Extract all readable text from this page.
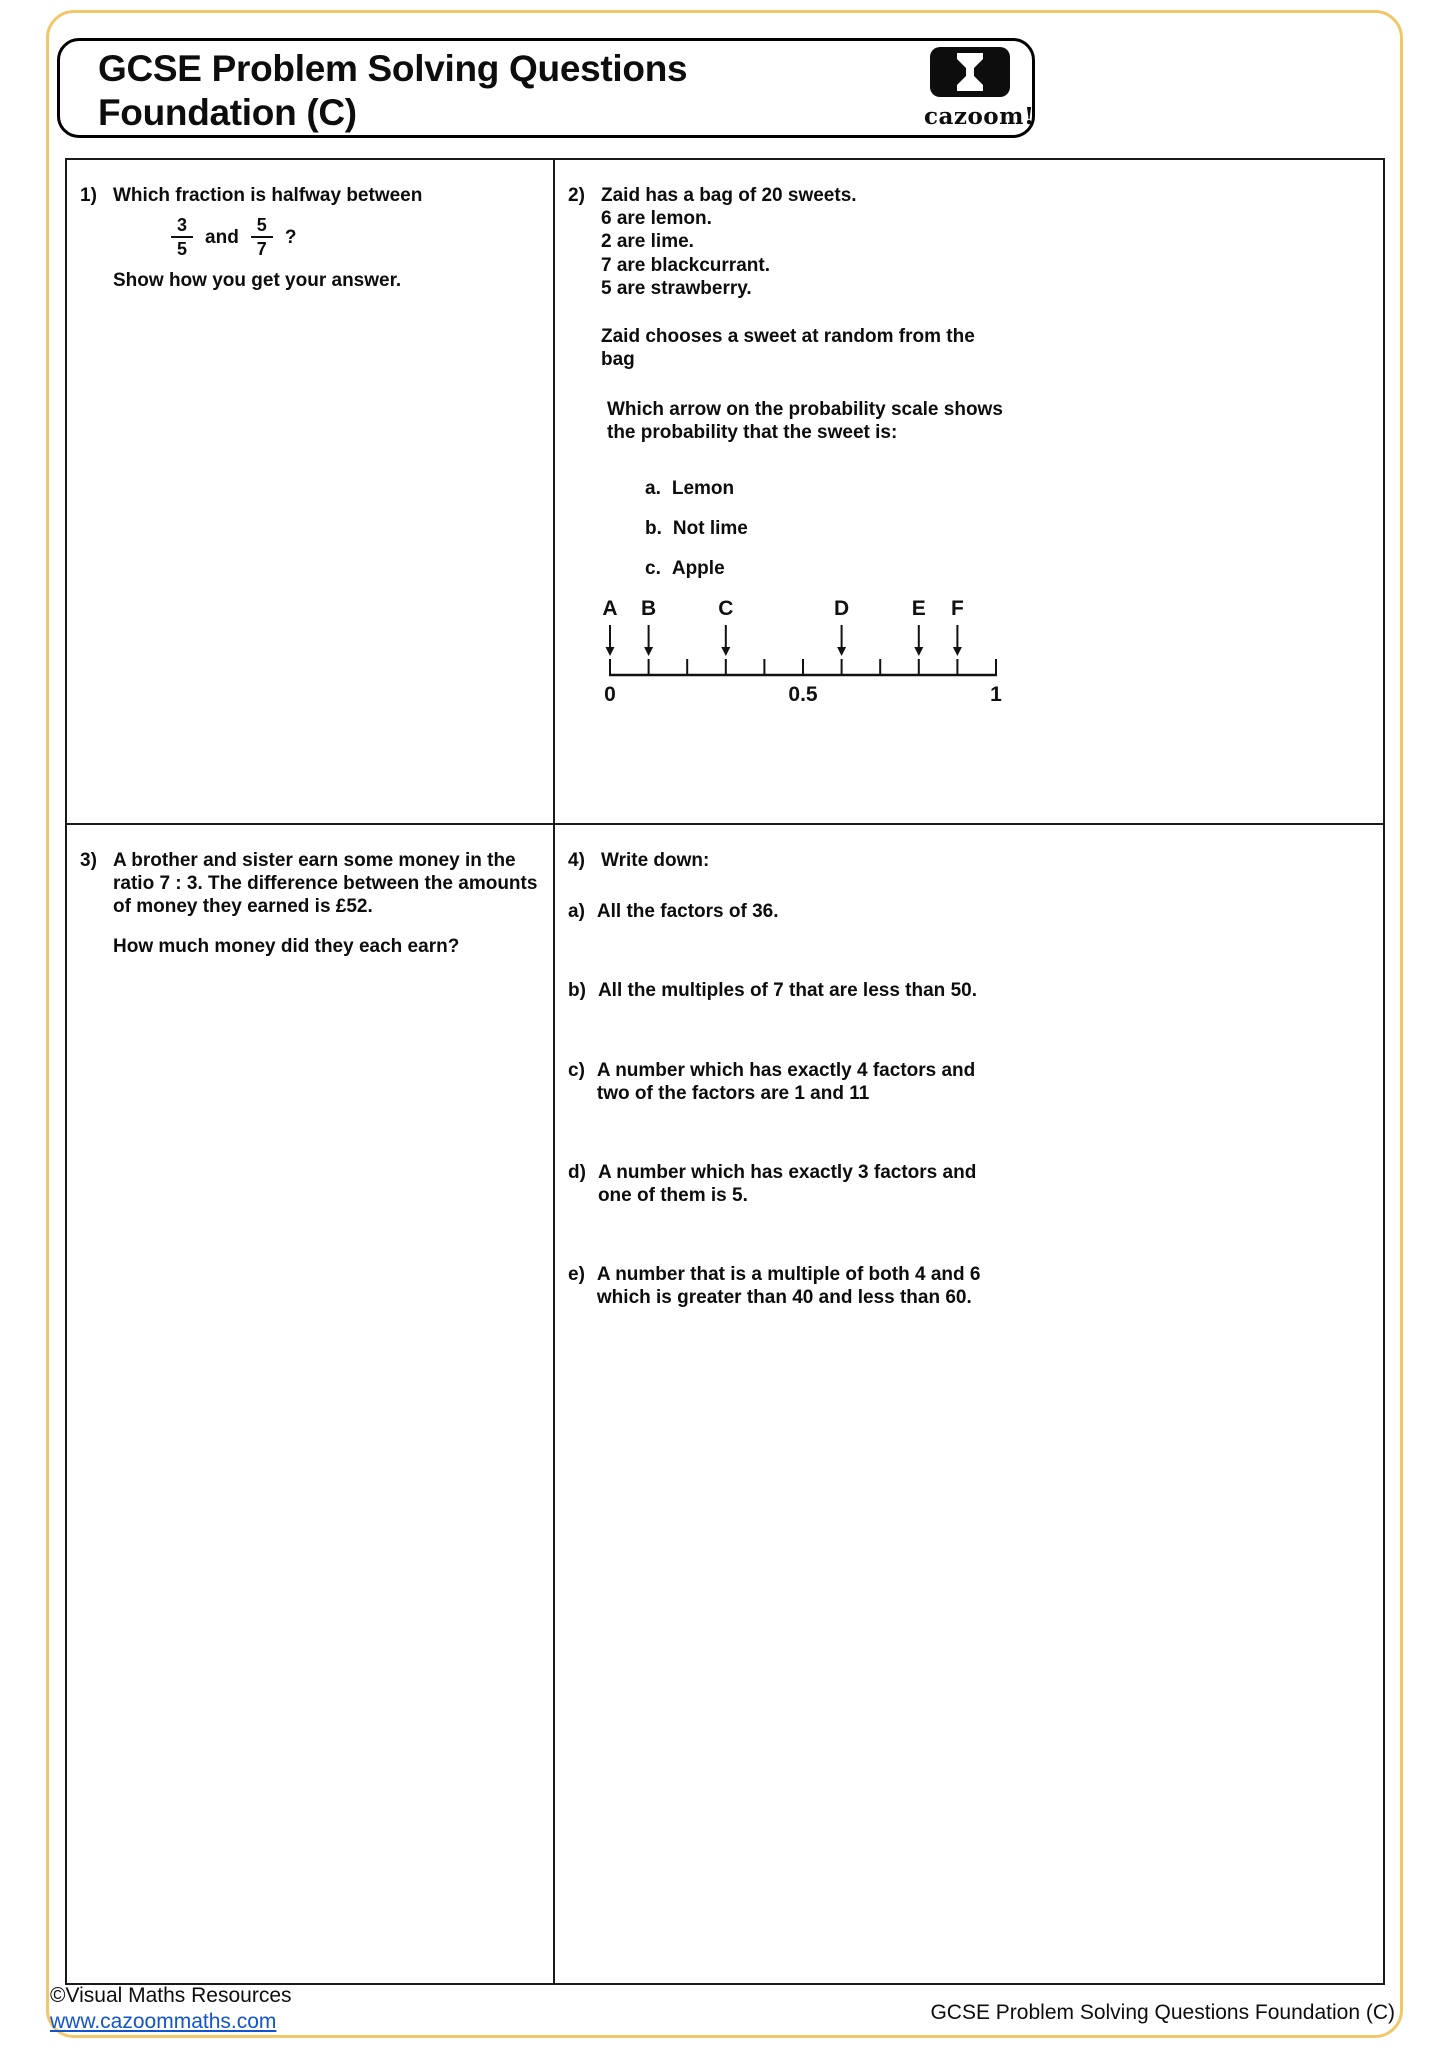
GCSE Problem Solving Questions
Foundation (C)	cazoom!
1) Which fraction is halfway between
$\frac{3}{5}$ and $\frac{5}{7}$ ?
Show how you get your answer.
2) Zaid has a bag of 20 sweets.
6 are lemon.
2 are lime.
7 are blackcurrant.
5 are strawberry.
Zaid chooses a sweet at random from the
bag
Which arrow on the probability scale shows
the probability that the sweet is:
a. Lemon
b. Not lime
c. Apple
A B	C	D	E F
0	0.5	1
3) A brother and sister earn some money in the
ratio 7 : 3. The difference between the amounts
of money they earned is £52.
How much money did they each earn?
4) Write down:
a) All the factors of 36.
b) All the multiples of 7 that are less than 50.
c) A number which has exactly 4 factors and
two of the factors are 1 and 11
d) A number which has exactly 3 factors and
one of them is 5.
e) A number that is a multiple of both 4 and 6
which is greater than 40 and less than 60.
©Visual Maths Resources
www.cazoommaths.com	GCSE Problem Solving Questions Foundation (C)
